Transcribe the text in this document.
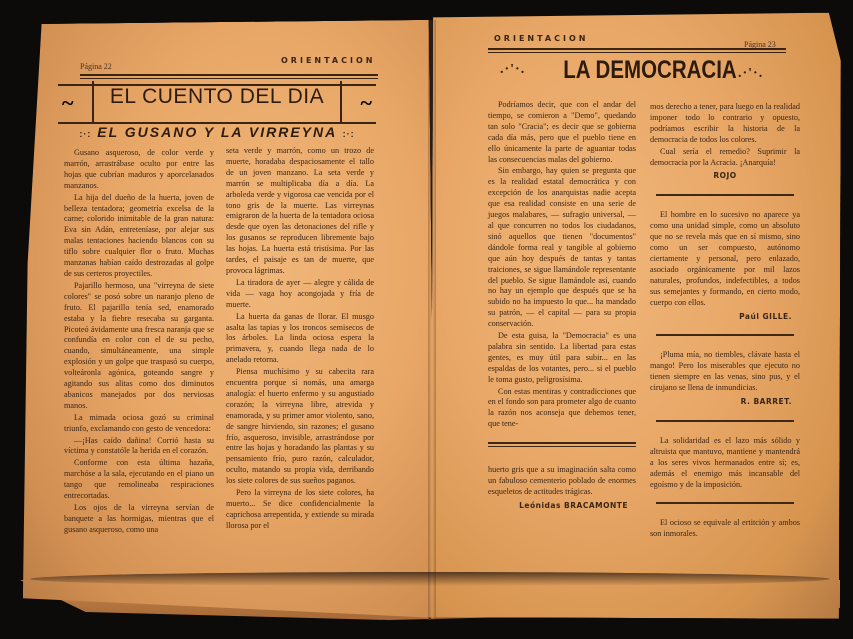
Página 22
ORIENTACION
~	EL CUENTO DEL DIA	~
:·: EL GUSANO Y LA VIRREYNA :·:

Gusano asqueroso, de color verde y marrón, arrastrábase oculto por entre las hojas que cubrían maduros y aporcelanados manzanos.

La hija del dueño de la huerta, joven de belleza tentadora; geometría excelsa de la carne; colorido inimitable de la gran natura: Eva sin Adán, entreteníase, por alejar sus malas tentaciones haciendo blancos con su tiflo sobre cualquier flor o fruto. Muchas manzanas habían caído destrozadas al golpe de sus certeros proyectiles.

Pajarillo hermoso, una "virreyna de siete colores" se posó sobre un naranjo pleno de fruto. El pajarillo tenía sed, enamorado estaba y la fiebre resecaba su garganta. Picoteó ávidamente una fresca naranja que se confundía en color con el de su pecho, cuando, simultáneamente, una simple explosión y un golpe que traspasó su cuerpo, volteáronla agónica, goteando sangre y agitando sus alitas como dos diminutos abanicos manejados por dos nerviosas manos.

La mimada ociosa gozó su criminal triunfo, exclamando con gesto de vencedora:

—¡Has caído dañina! Corrió hasta su víctima y constatóle la herida en el corazón.

Conforme con esta última hazaña, marchóse a la sala, ejecutando en el piano un tango que remolineaba respiraciones entrecortadas.

Los ojos de la virreyna servían de banquete a las hormigas, mientras que el gusano asqueroso, como una

seta verde y marrón, como un trozo de muerte, horadaba despaciosamente el tallo de un joven manzano. La seta verde y marrón se multiplicaba día a día. La arboleda verde y vigorosa cae vencida por el tono gris de la muerte. Las virreynas emigraron de la huerta de la tentadora ociosa desde que oyen las detonaciones del rifle y los gusanos se reproducen libremente bajo las hojas. La huerta está tristísima. Por las tardes, el paisaje es tan de muerte, que provoca lágrimas.

La tiradora de ayer — alegre y cálida de vida — vaga hoy acongojada y fría de muerte.

La huerta da ganas de llorar. El musgo asalta las tapias y los troncos semisecos de los árboles. La linda ociosa espera la primavera, y, cuando llega nada de lo anelado retorna.

Piensa muchísimo y su cabecita rara encuentra porque sí nomás, una amarga analogía: el huerto enfermo y su angustiado corazón; la virreyna libre, atrevida y enamorada, y su primer amor violento, sano, de sangre hirviendo, sin razones; el gusano frío, asqueroso, invisible, arrastrándose por entre las hojas y horadando las plantas y su pensamiento frío, puro razón, calculador, oculto, matando su propia vida, derribando los siete colores de sus sueños paganos.

Pero la virreyna de los siete colores, ha muerto... Se dice confidencialmente la caprichosa arrepentida, y extiende su mirada llorosa por el

ORIENTACION
Página 23
.·'·.	LA DEMOCRACIA .·'·.

Podríamos decir, que con el andar del tiempo, se comieron a "Demo", quedando tan solo "Cracia"; es decir que se gobierna cada día más, pero que el pueblo tiene en ello únicamente la parte de aguantar todas las consecuencias malas del gobierno.

Sin embargo, hay quien se pregunta que es la realidad estatal democrática y con excepción de los anarquistas nadie acepta que esa realidad consiste en una serie de juegos malabares, — sufragio universal, — al que concurren no todos los ciudadanos, sinó aquellos que tienen "documentos" dándole forma real y tangible al gobierno que aún hoy después de tantas y tantas traiciones, se sigue llamándole representante del pueblo. Se sigue llamándole así, cuando no hay un ejemplo que después que se ha subido no ha impuesto lo que... ha mandado su patrón, — el capital — para su propia conservación.

De esta guisa, la "Democracia" es una palabra sin sentido. La libertad para estas gentes, es muy útil para subir... en las espaldas de los votantes, pero... si el pueblo le toma gusto, peligrosísima.

Con estas mentiras y contradicciones que en el fondo son para prometer algo de cuanto la razón nos aconseja que debemos tener, que tene-

huerto gris que a su imaginación salta como un fabuloso cementerio poblado de enormes esqueletos de actitudes trágicas.

Leónidas BRACAMONTE

mos derecho a tener, para luego en la realidad imponer todo lo contrario y opuesto, podríamos escribir la historia de la democracia de todos los colores.

Cual sería el remedio? Suprimir la democracia por la Acracia. ¡Anarquía!

ROJO

El hombre en lo sucesivo no aparece ya como una unidad simple, como un absoluto que no se revela más que en sí mismo, sino como un ser compuesto, autónomo ciertamente y personal, pero enlazado, asociado orgánicamente por mil lazos naturales, profundos, indefectibles, a todos sus semejantes y formando, en cierto modo, cuerpo con ellos.

Paúl GILLE.

¡Pluma mía, no tiembles, clávate hasta el mango! Pero los miserables que ejecuto no tienen siempre en las venas, sino pus, y el cirujano se llena de inmundicias.

R. BARRET.

La solidaridad es el lazo más sólido y altruista que mantuvo, mantiene y mantendrá a los seres vivos hermanados entre sí; es, además el enemigo más incansable del egoísmo y de la imposición.

El ocioso se equivale al ertitción y ambos son inmorales.
